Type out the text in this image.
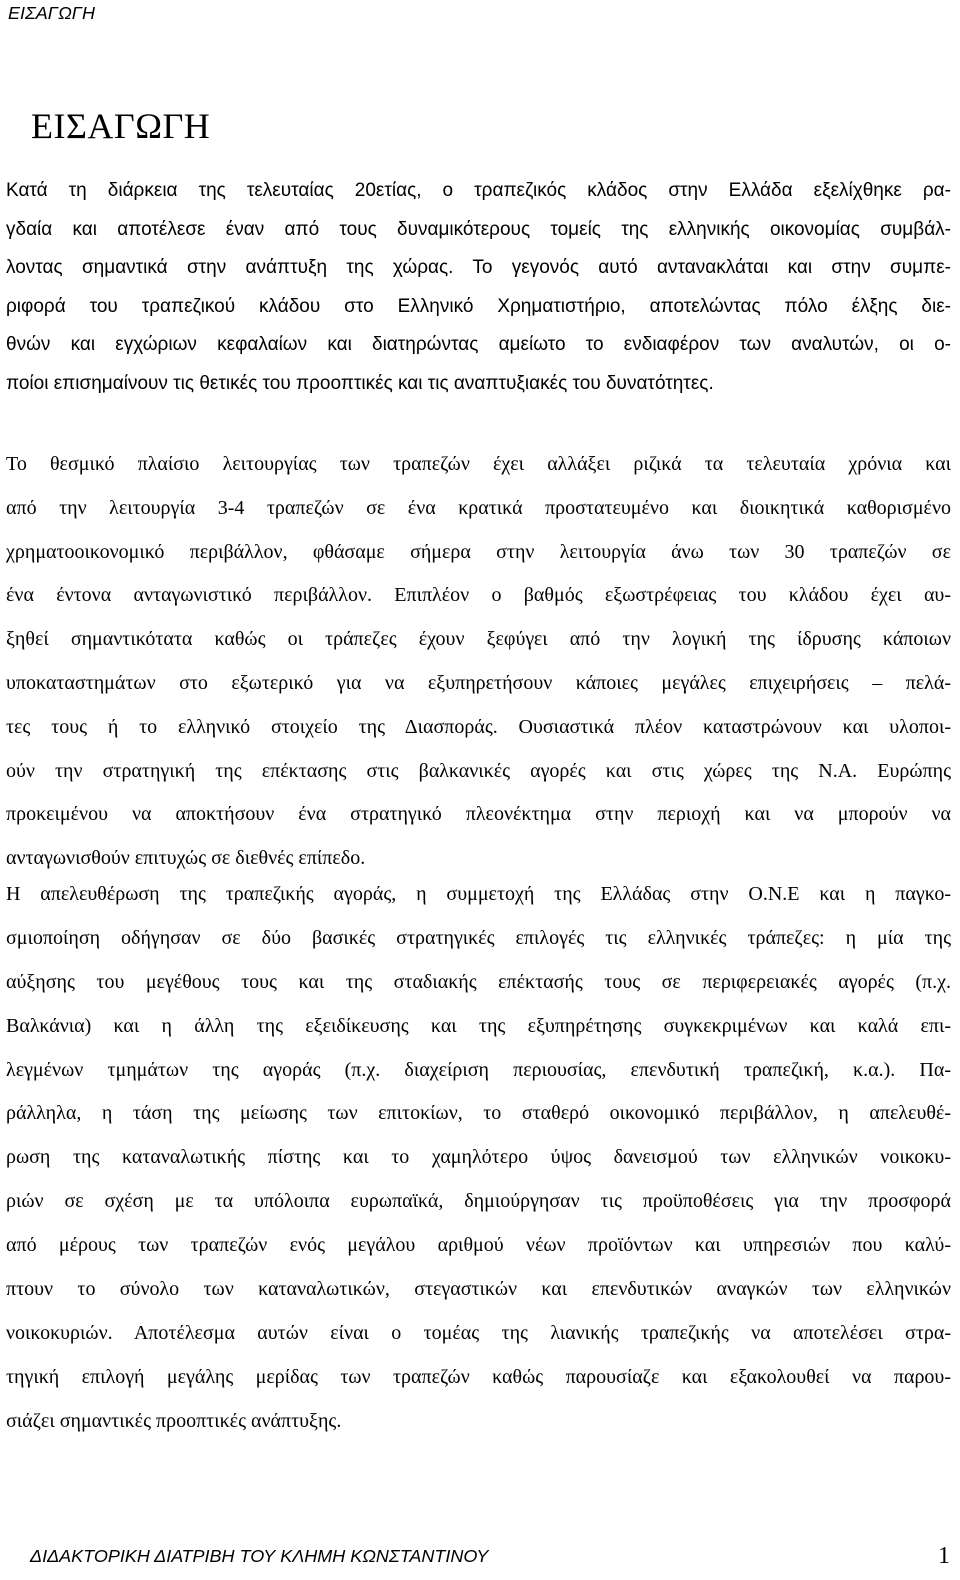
ΕΙΣΑΓΩΓΗ

ΕΙΣΑΓΩΓΗ
Κατά τη διάρκεια της τελευταίας 20ετίας, ο τραπεζικός κλάδος στην Ελλάδα εξελίχθηκε ρα-
γδαία και αποτέλεσε έναν από τους δυναμικότερους τομείς της ελληνικής οικονομίας συμβάλ-
λοντας σημαντικά στην ανάπτυξη της χώρας. Το γεγονός αυτό αντανακλάται και στην συμπε-
ριφορά του τραπεζικού κλάδου στο Ελληνικό Χρηματιστήριο, αποτελώντας πόλο έλξης διε-
θνών και εγχώριων κεφαλαίων και διατηρώντας αμείωτο το ενδιαφέρον των αναλυτών, οι ο-
ποίοι επισημαίνουν τις θετικές του προοπτικές και τις αναπτυξιακές του δυνατότητες.
Το θεσμικό πλαίσιο λειτουργίας των τραπεζών έχει αλλάξει ριζικά τα τελευταία χρόνια και
από την λειτουργία 3-4 τραπεζών σε ένα κρατικά προστατευμένο και διοικητικά καθορισμένο
χρηματοοικονομικό περιβάλλον, φθάσαμε σήμερα στην λειτουργία άνω των 30 τραπεζών σε
ένα έντονα ανταγωνιστικό περιβάλλον. Επιπλέον ο βαθμός εξωστρέφειας του κλάδου έχει αυ-
ξηθεί σημαντικότατα καθώς οι τράπεζες έχουν ξεφύγει από την λογική της ίδρυσης κάποιων
υποκαταστημάτων στο εξωτερικό για να εξυπηρετήσουν κάποιες μεγάλες επιχειρήσεις – πελά-
τες τους ή το ελληνικό στοιχείο της Διασποράς. Ουσιαστικά πλέον καταστρώνουν και υλοποι-
ούν την στρατηγική της επέκτασης στις βαλκανικές αγορές και στις χώρες της Ν.Α. Ευρώπης
προκειμένου να αποκτήσουν ένα στρατηγικό πλεονέκτημα στην περιοχή και να μπορούν να
ανταγωνισθούν επιτυχώς σε διεθνές επίπεδο.
Η απελευθέρωση της τραπεζικής αγοράς, η συμμετοχή της Ελλάδας στην Ο.Ν.Ε και η παγκο-
σμιοποίηση οδήγησαν σε δύο βασικές στρατηγικές επιλογές τις ελληνικές τράπεζες: η μία της
αύξησης του μεγέθους τους και της σταδιακής επέκτασής τους σε περιφερειακές αγορές (π.χ.
Βαλκάνια) και η άλλη της εξειδίκευσης και της εξυπηρέτησης συγκεκριμένων και καλά επι-
λεγμένων τμημάτων της αγοράς (π.χ. διαχείριση περιουσίας, επενδυτική τραπεζική, κ.α.). Πα-
ράλληλα, η τάση της μείωσης των επιτοκίων, το σταθερό οικονομικό περιβάλλον, η απελευθέ-
ρωση της καταναλωτικής πίστης και το χαμηλότερο ύψος δανεισμού των ελληνικών νοικοκυ-
ριών σε σχέση με τα υπόλοιπα ευρωπαϊκά, δημιούργησαν τις προϋποθέσεις για την προσφορά
από μέρους των τραπεζών ενός μεγάλου αριθμού νέων προϊόντων και υπηρεσιών που καλύ-
πτουν το σύνολο των καταναλωτικών, στεγαστικών και επενδυτικών αναγκών των ελληνικών
νοικοκυριών. Αποτέλεσμα αυτών είναι ο τομέας της λιανικής τραπεζικής να αποτελέσει στρα-
τηγική επιλογή μεγάλης μερίδας των τραπεζών καθώς παρουσίαζε και εξακολουθεί να παρου-
σιάζει σημαντικές προοπτικές ανάπτυξης.

ΔΙΔΑΚΤΟΡΙΚΗ ΔΙΑΤΡΙΒΗ ΤΟΥ ΚΛΗΜΗ ΚΩΝΣΤΑΝΤΙΝΟΥ	1
